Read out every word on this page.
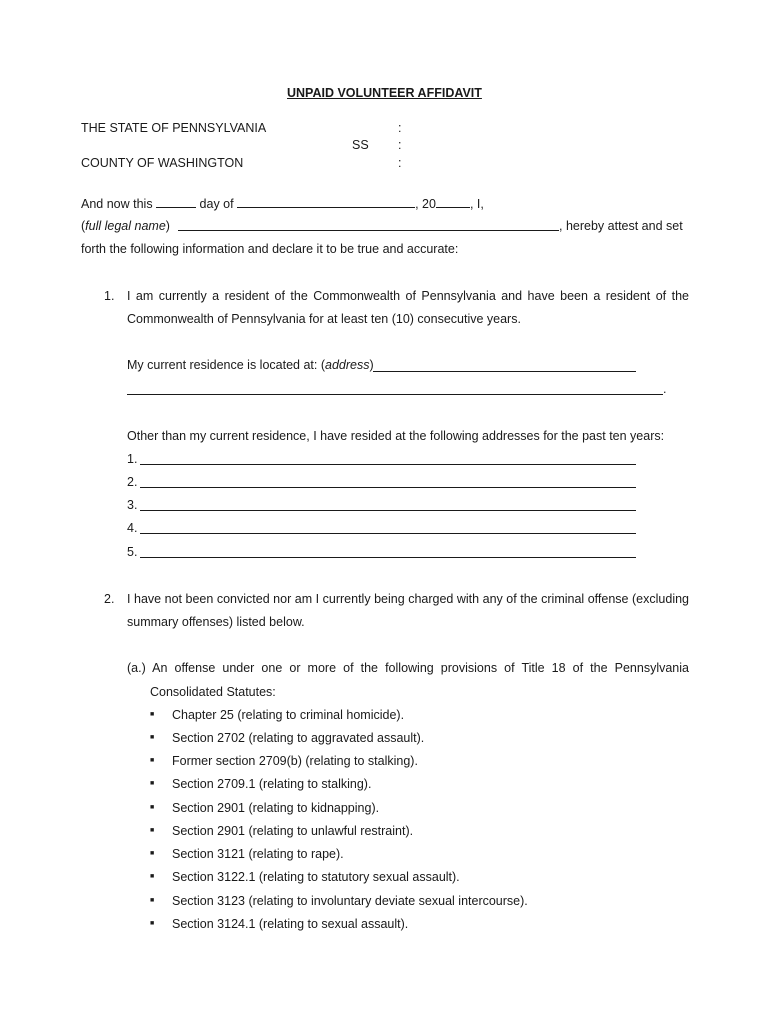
UNPAID VOLUNTEER AFFIDAVIT
THE STATE OF PENNSYLVANIA	:
SS :
COUNTY OF WASHINGTON	:
And now this	day of	, 20	, I,
(full legal name)	, hereby attest and set
forth the following information and declare it to be true and accurate:
1. I am currently a resident of the Commonwealth of Pennsylvania and have been a resident of the
Commonwealth of Pennsylvania for at least ten (10) consecutive years.
My current residence is located at: (address)
.
Other than my current residence, I have resided at the following addresses for the past ten years:
1.
2.
3.
4.
5.
2. I have not been convicted nor am I currently being charged with any of the criminal offense (excluding
summary offenses) listed below.
(a.) An offense under one or more of the following provisions of Title 18 of the Pennsylvania
Consolidated Statutes:
■ Chapter 25 (relating to criminal homicide).
■ Section 2702 (relating to aggravated assault).
■ Former section 2709(b) (relating to stalking).
■ Section 2709.1 (relating to stalking).
■ Section 2901 (relating to kidnapping).
■ Section 2901 (relating to unlawful restraint).
■ Section 3121 (relating to rape).
■ Section 3122.1 (relating to statutory sexual assault).
■ Section 3123 (relating to involuntary deviate sexual intercourse).
■ Section 3124.1 (relating to sexual assault).
